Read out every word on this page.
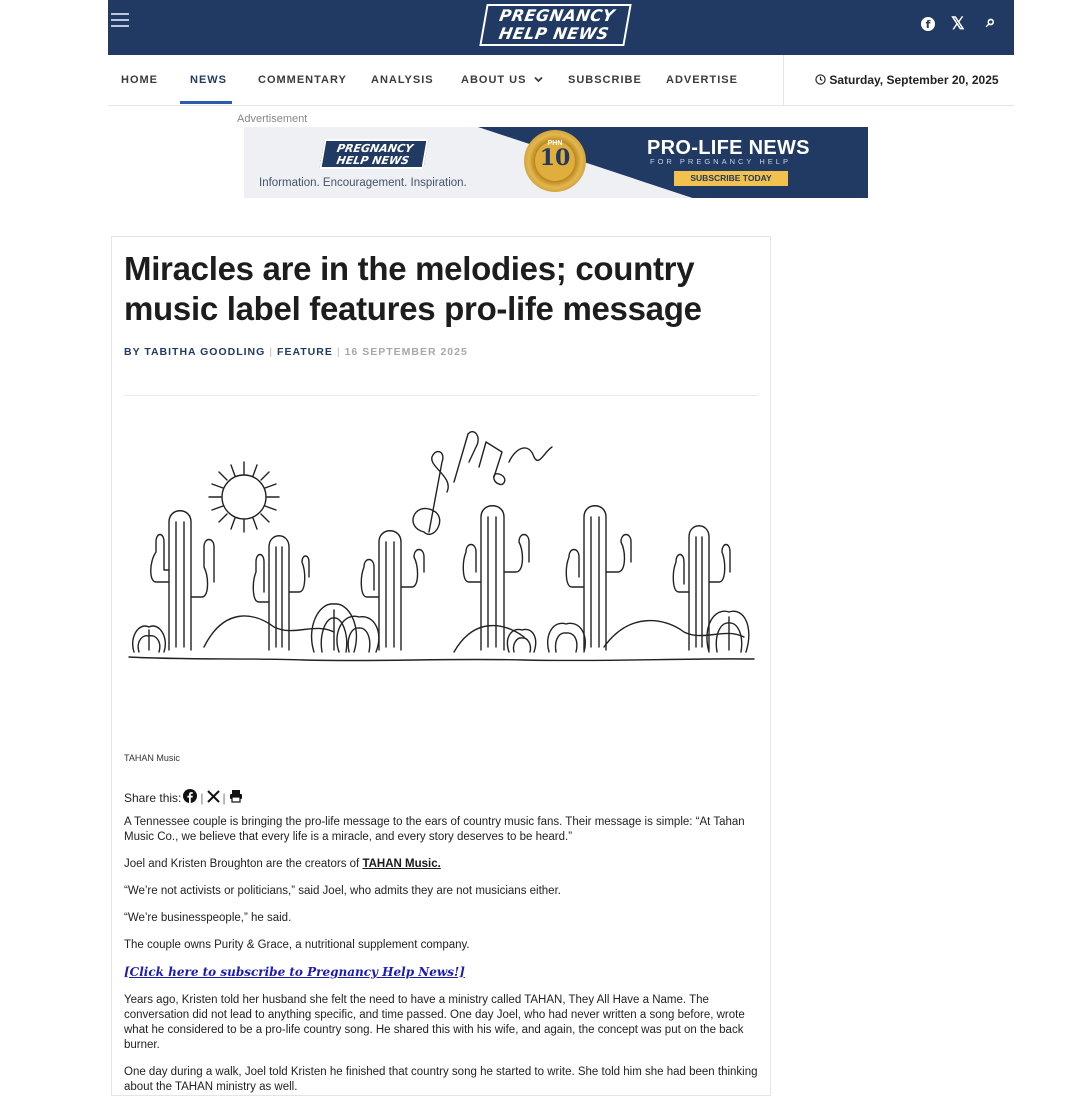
PREGNANCY
HELP NEWS	f 𝕏 ⌕
HOME	NEWS	COMMENTARY ANALYSIS ABOUT US	SUBSCRIBE ADVERTISE	Saturday, September 20, 2025
Advertisement
PREGNANCY
HELP NEWS
Information. Encouragement. Inspiration.
PHN
10	PRO-LIFE NEWS
FOR PREGNANCY HELP
SUBSCRIBE TODAY
Miracles are in the melodies; country music label features pro-life message
BY TABITHA GOODLING | FEATURE | 16 SEPTEMBER 2025
TAHAN Music
Share this: | |

A Tennessee couple is bringing the pro-life message to the ears of country music fans. Their message is simple: “At Tahan Music Co., we believe that every life is a miracle, and every story deserves to be heard.”

Joel and Kristen Broughton are the creators of TAHAN Music.

“We’re not activists or politicians,” said Joel, who admits they are not musicians either.

“We’re businesspeople,” he said.

The couple owns Purity & Grace, a nutritional supplement company.

[Click here to subscribe to Pregnancy Help News!]

Years ago, Kristen told her husband she felt the need to have a ministry called TAHAN, They All Have a Name. The conversation did not lead to anything specific, and time passed. One day Joel, who had never written a song before, wrote what he considered to be a pro-life country song. He shared this with his wife, and again, the concept was put on the back burner.

One day during a walk, Joel told Kristen he finished that country song he started to write. She told him she had been thinking about the TAHAN ministry as well.
